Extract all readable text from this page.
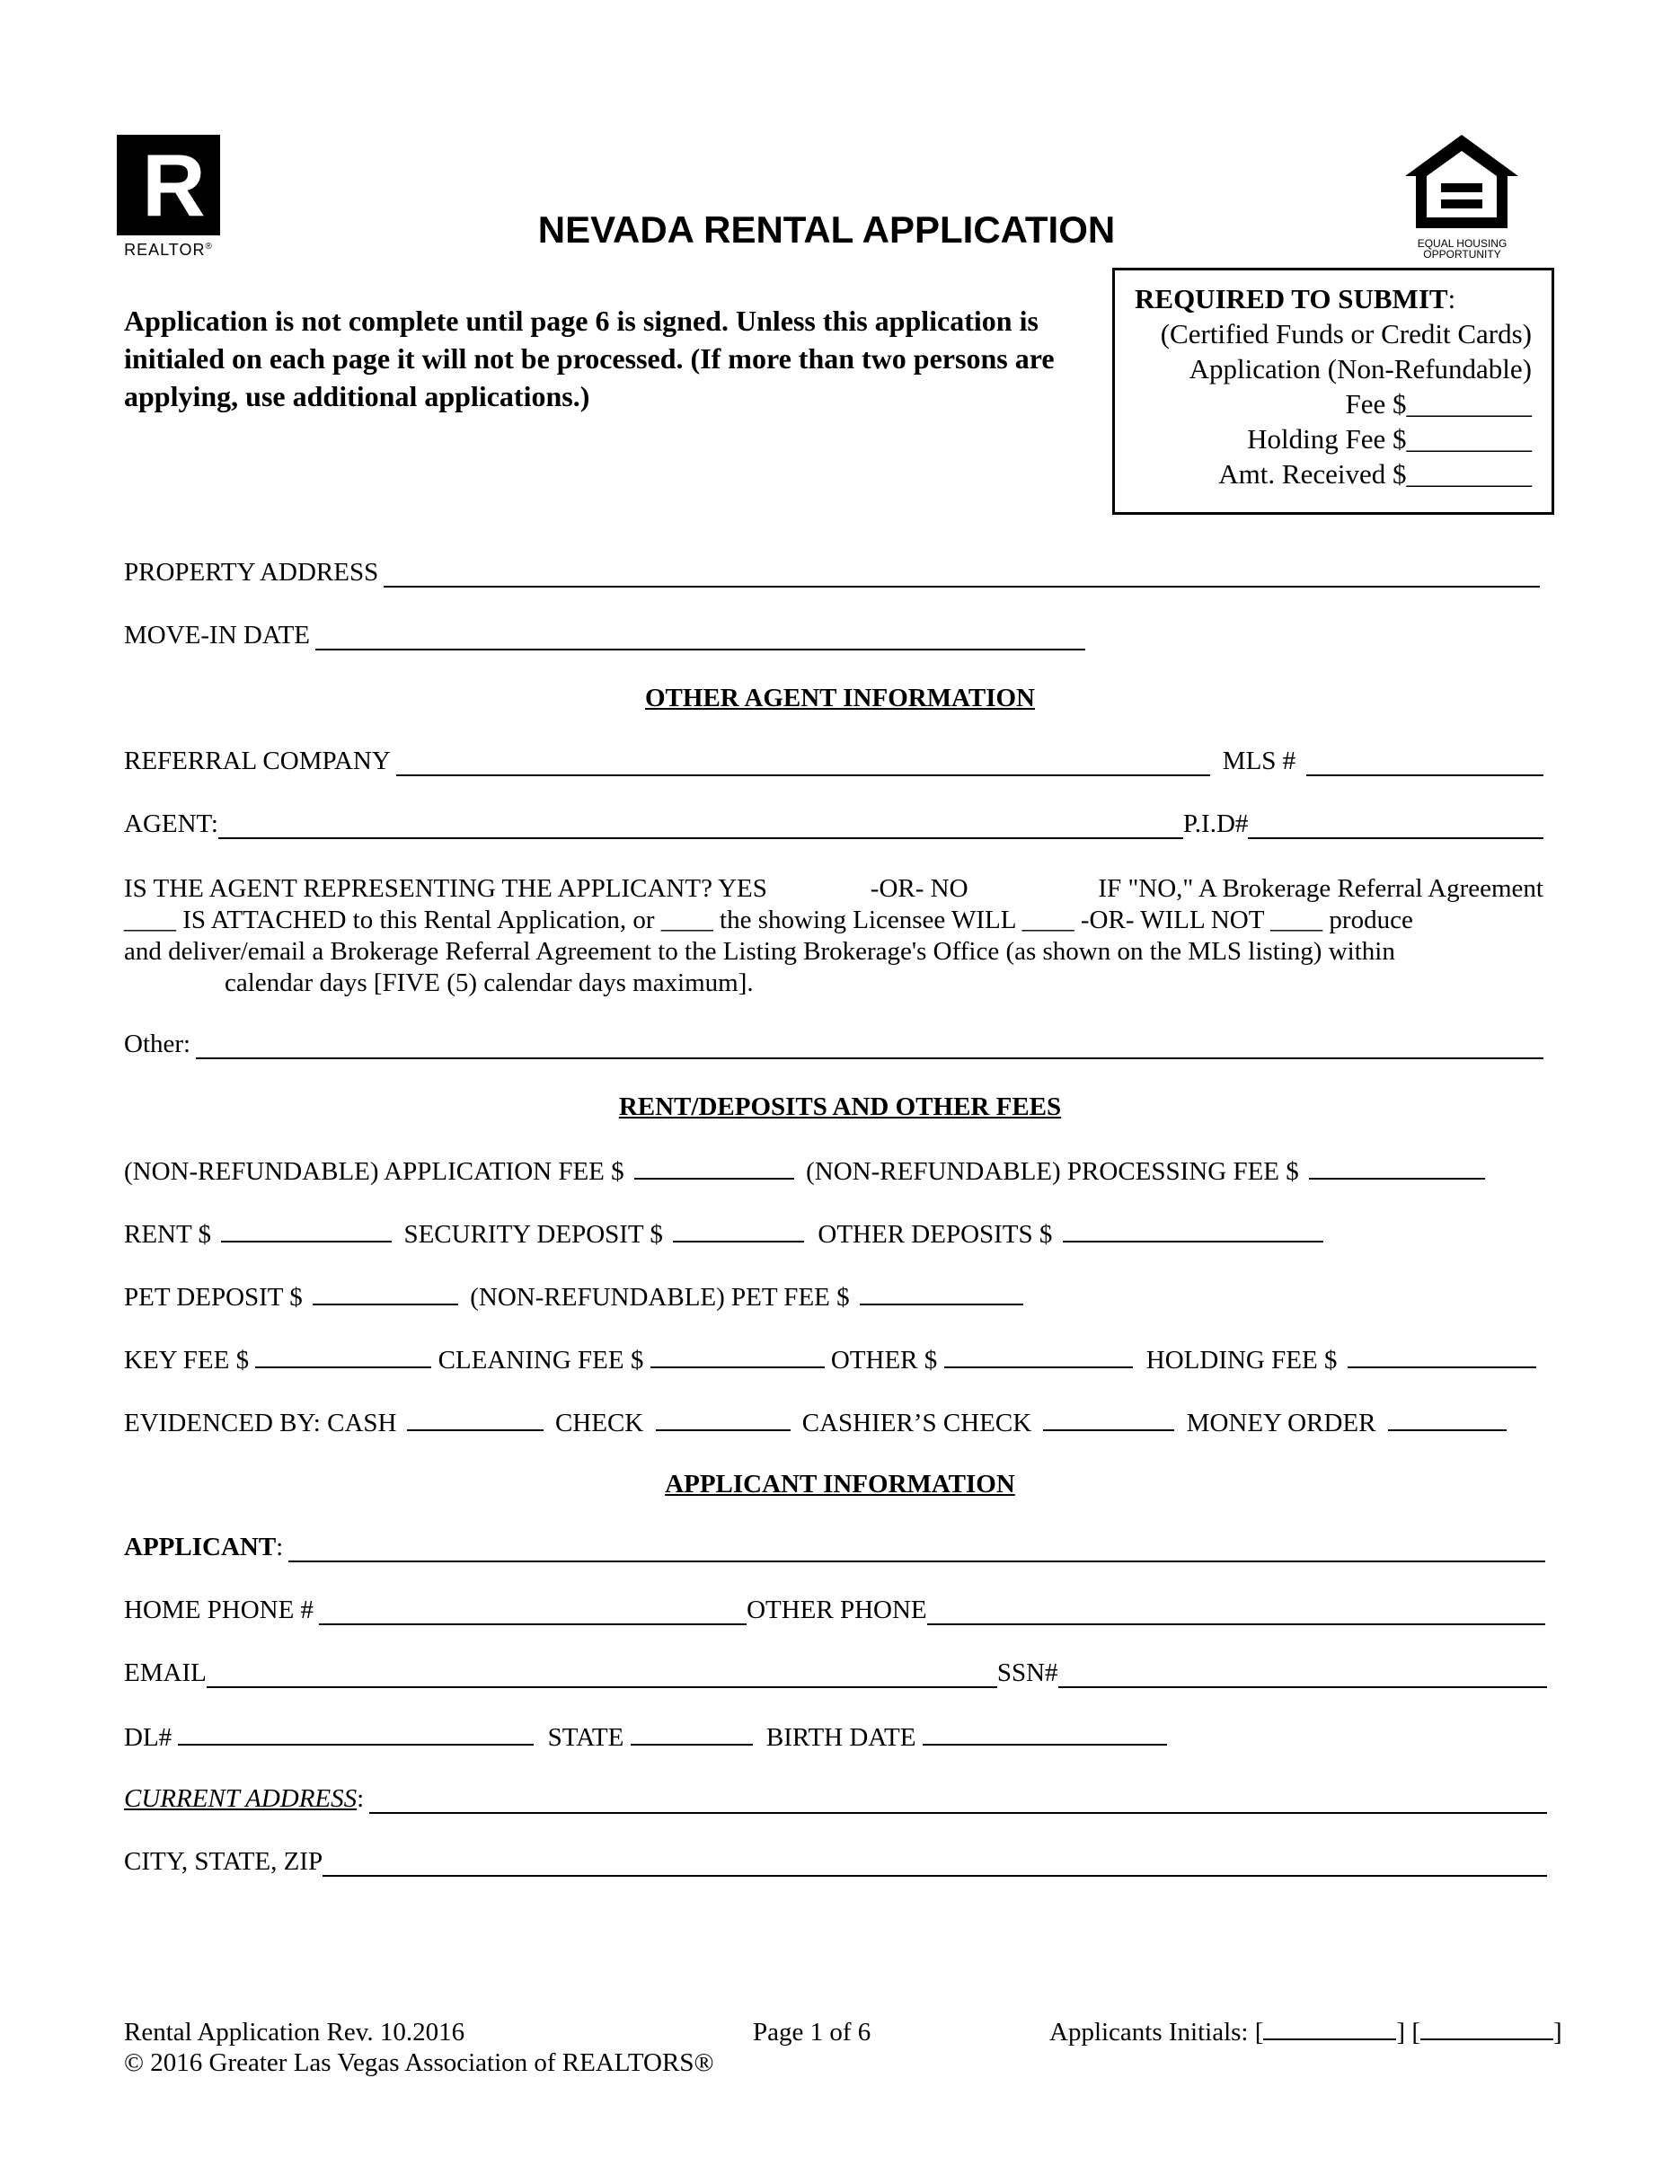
R
REALTOR®	EQUAL HOUSING OPPORTUNITY
NEVADA RENTAL APPLICATION
Application is not complete until page 6 is signed. Unless this application is initialed on each page it will not be processed. (If more than two persons are applying, use additional applications.)
REQUIRED TO SUBMIT:
(Certified Funds or Credit Cards)
Application (Non-Refundable)
Fee $_________
Holding Fee $_________
Amt. Received $_________
PROPERTY ADDRESS
MOVE-IN DATE
OTHER AGENT INFORMATION
REFERRAL COMPANY	MLS #
AGENT:	P.I.D#
IS THE AGENT REPRESENTING THE APPLICANT? YES	-OR- NO	IF "NO," A Brokerage Referral Agreement
____ IS ATTACHED to this Rental Application, or ____ the showing Licensee WILL ____ -OR- WILL NOT ____ produce
and deliver/email a Brokerage Referral Agreement to the Listing Brokerage's Office (as shown on the MLS listing) within
calendar days [FIVE (5) calendar days maximum].
Other:
RENT/DEPOSITS AND OTHER FEES
(NON-REFUNDABLE) APPLICATION FEE $	(NON-REFUNDABLE) PROCESSING FEE $
RENT $	SECURITY DEPOSIT $	OTHER DEPOSITS $
PET DEPOSIT $	(NON-REFUNDABLE) PET FEE $
KEY FEE $	CLEANING FEE $	OTHER $	HOLDING FEE $
EVIDENCED BY: CASH	CHECK	CASHIER’S CHECK	MONEY ORDER
APPLICANT INFORMATION
APPLICANT:
HOME PHONE #	OTHER PHONE
EMAIL	SSN#
DL#	STATE	BIRTH DATE
CURRENT ADDRESS:
CITY, STATE, ZIP
Rental Application Rev. 10.2016	Page 1 of 6	Applicants Initials: [	] [	]
© 2016 Greater Las Vegas Association of REALTORS®
